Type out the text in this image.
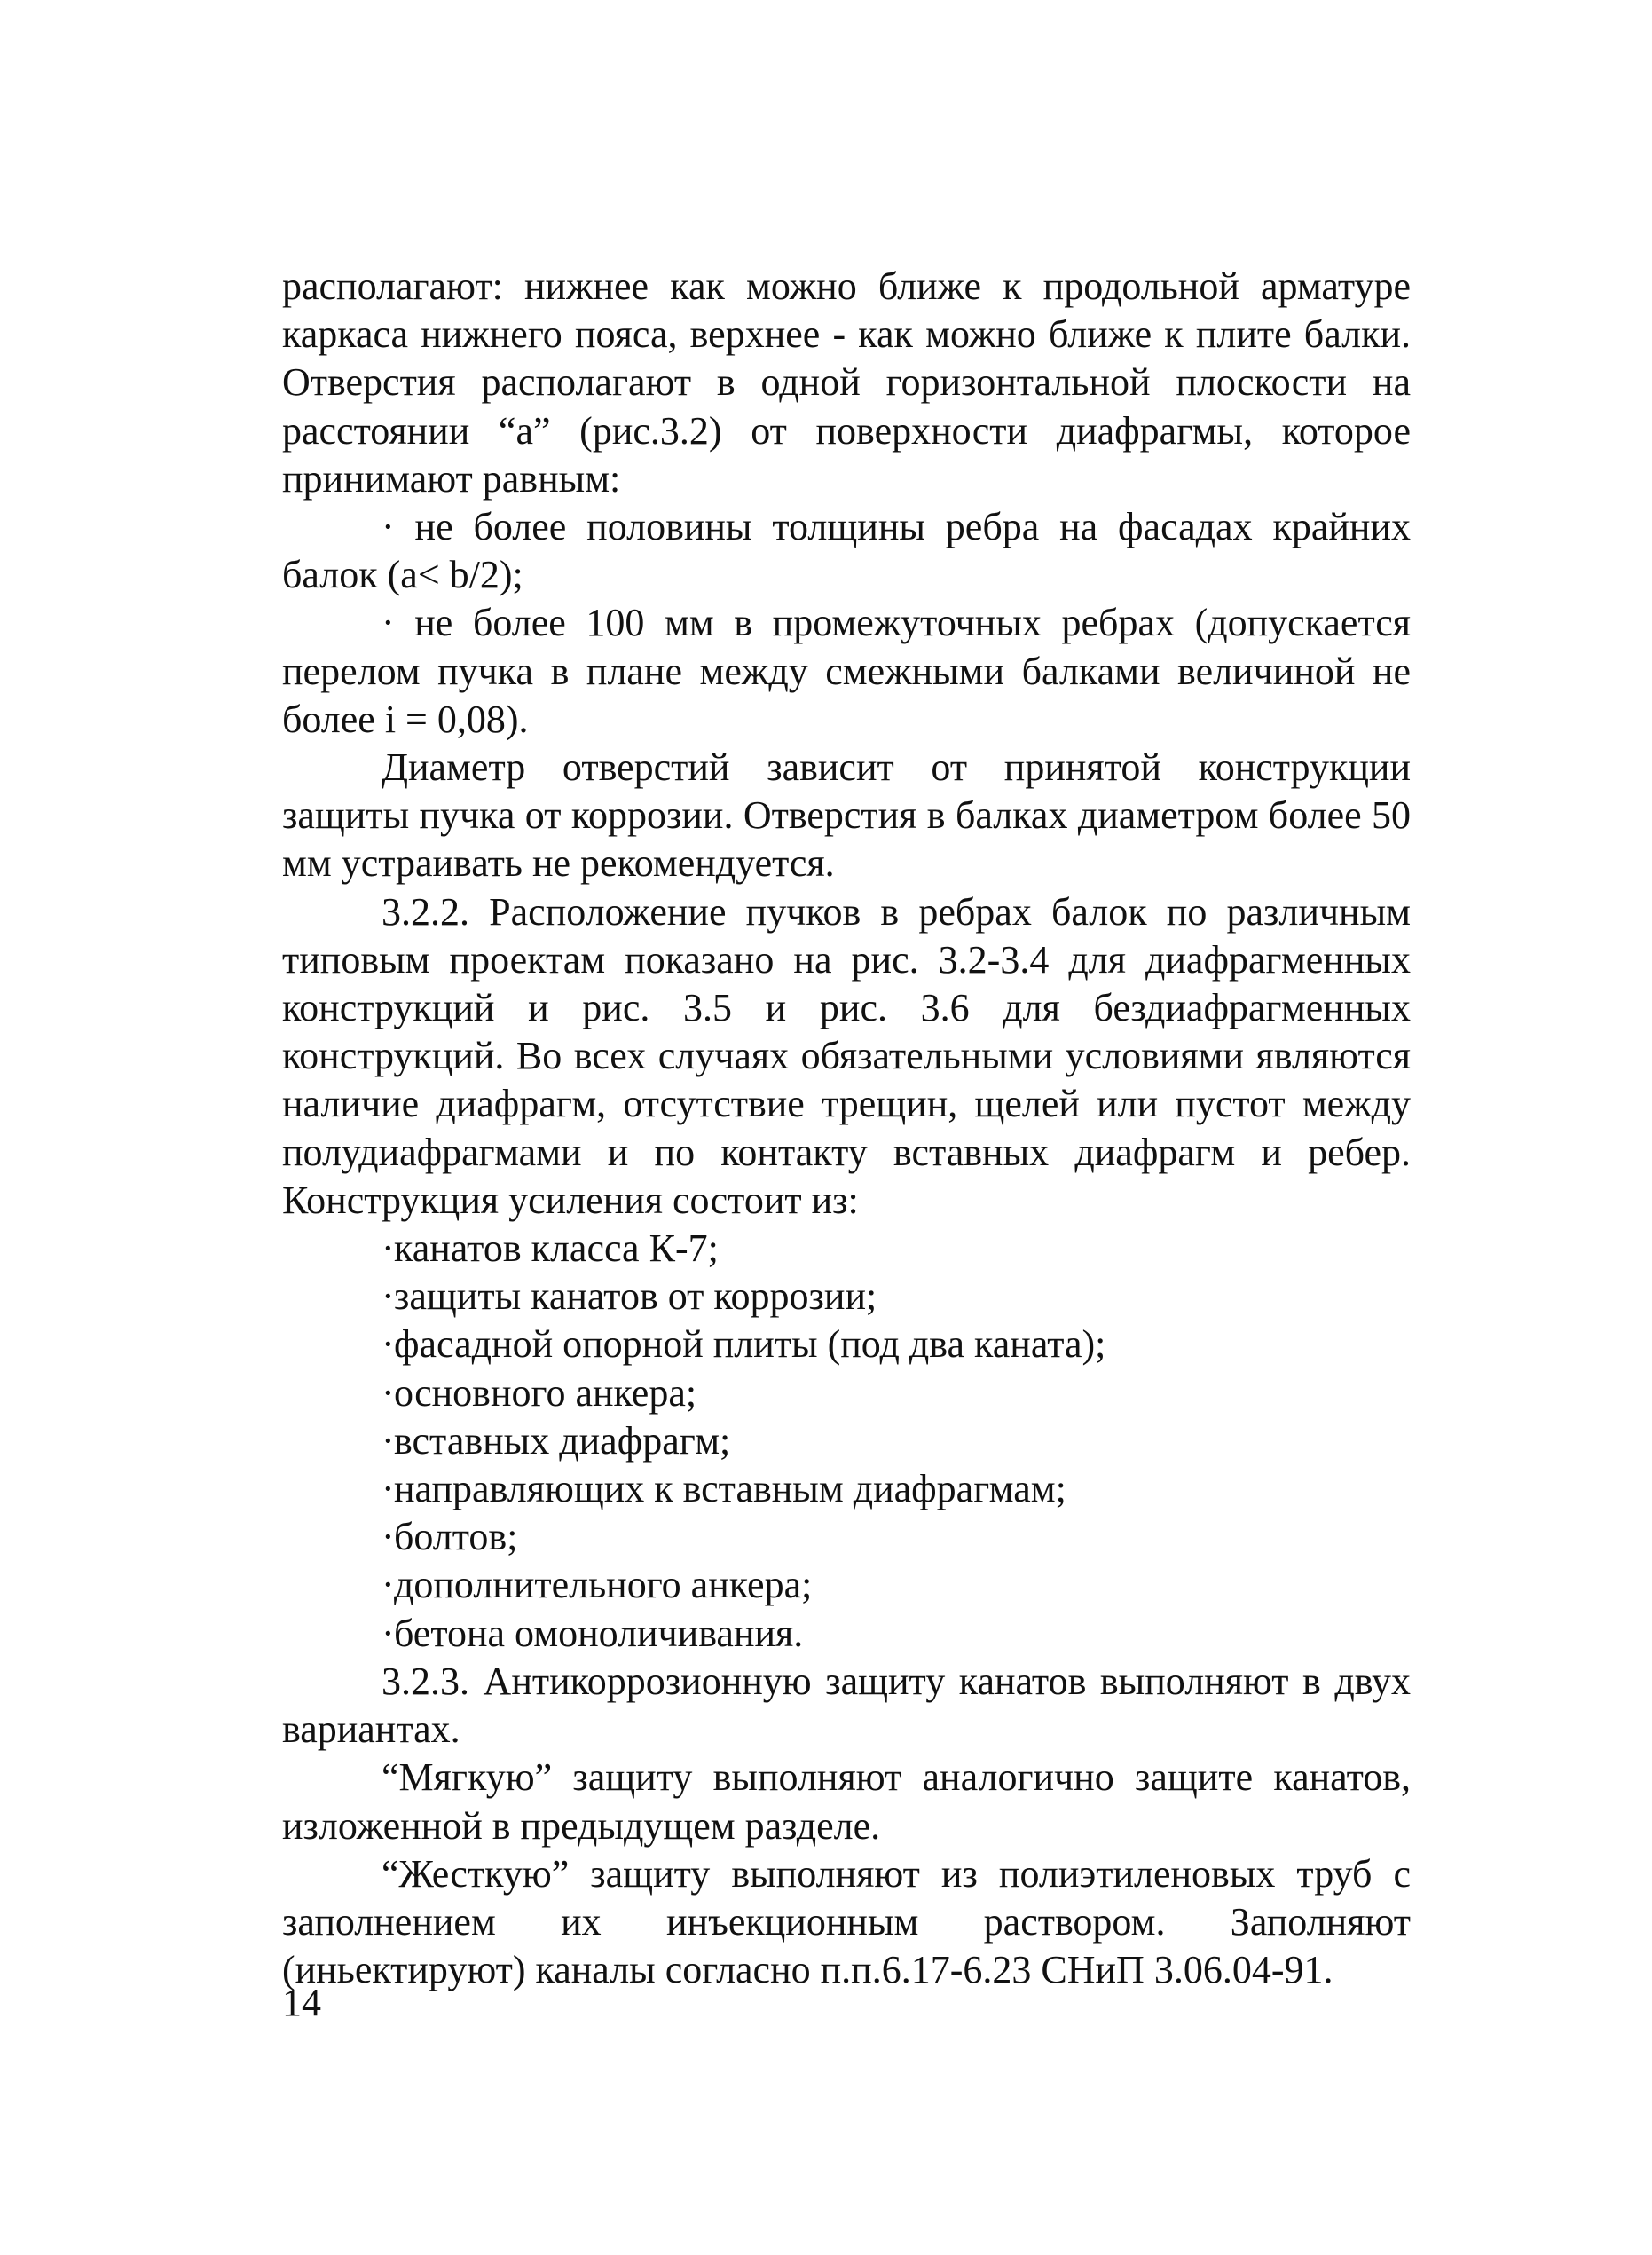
располагают: нижнее как можно ближе к продольной арматуре каркаса нижнего пояса, верхнее - как можно ближе к плите балки. Отверстия располагают в одной горизонтальной плоскости на расстоянии “а” (рис.3.2) от поверхности диафрагмы, которое принимают равным:

· не более половины толщины ребра на фасадах крайних балок (а< b/2);

· не более 100 мм в промежуточных ребрах (допускается перелом пучка в плане между смежными балками величиной не более i = 0,08).

Диаметр отверстий зависит от принятой конструкции защиты пучка от коррозии. Отверстия в балках диаметром более 50 мм устраивать не рекомендуется.

3.2.2. Расположение пучков в ребрах балок по различным типовым проектам показано на рис. 3.2-3.4 для диафрагменных конструкций и рис. 3.5 и рис. 3.6 для бездиафрагменных конструкций. Во всех случаях обязательными условиями являются наличие диафрагм, отсутствие трещин, щелей или пустот между полудиафрагмами и по контакту вставных диафрагм и ребер. Конструкция усиления состоит из:

·канатов класса К-7;
·защиты канатов от коррозии;
·фасадной опорной плиты (под два каната);
·основного анкера;
·вставных диафрагм;
·направляющих к вставным диафрагмам;
·болтов;
·дополнительного анкера;
·бетона омоноличивания.

3.2.3. Антикоррозионную защиту канатов выполняют в двух вариантах.

“Мягкую” защиту выполняют аналогично защите канатов, изложенной в предыдущем разделе.

“Жесткую” защиту выполняют из полиэтиленовых труб с заполнением их инъекционным раствором. Заполняют (иньектируют) каналы согласно п.п.6.17-6.23 СНиП 3.06.04-91.

14
